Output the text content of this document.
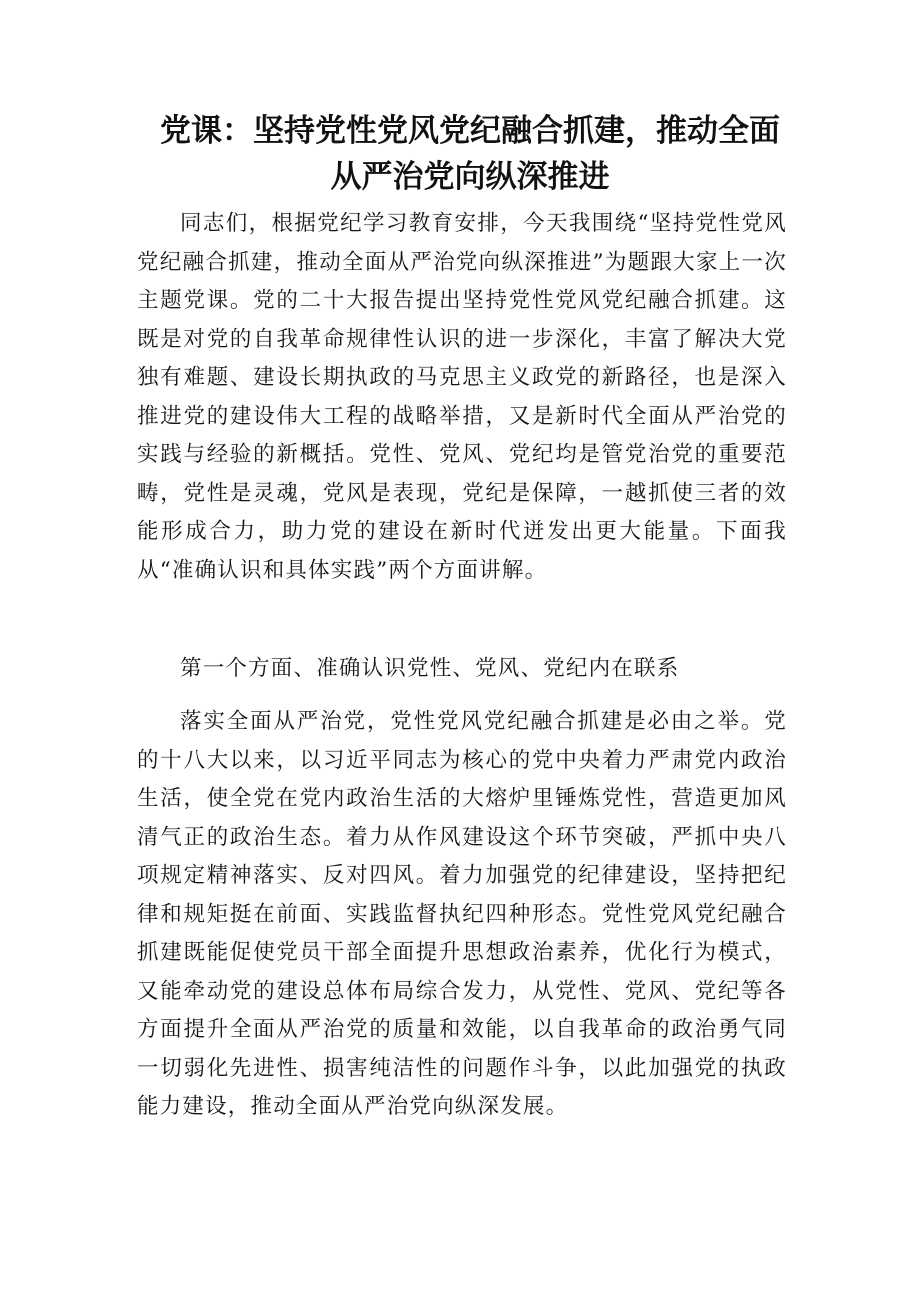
党课：坚持党性党风党纪融合抓建，推动全面
从严治党向纵深推进

同志们，根据党纪学习教育安排，今天我围绕“坚持党性党风党纪融合抓建，推动全面从严治党向纵深推进”为题跟大家上一次主题党课。党的二十大报告提出坚持党性党风党纪融合抓建。这既是对党的自我革命规律性认识的进一步深化，丰富了解决大党独有难题、建设长期执政的马克思主义政党的新路径，也是深入推进党的建设伟大工程的战略举措，又是新时代全面从严治党的实践与经验的新概括。党性、党风、党纪均是管党治党的重要范畴，党性是灵魂，党风是表现，党纪是保障，一越抓使三者的效能形成合力，助力党的建设在新时代迸发出更大能量。下面我从“准确认识和具体实践”两个方面讲解。

第一个方面、准确认识党性、党风、党纪内在联系

落实全面从严治党，党性党风党纪融合抓建是必由之举。党的十八大以来，以习近平同志为核心的党中央着力严肃党内政治生活，使全党在党内政治生活的大熔炉里锤炼党性，营造更加风清气正的政治生态。着力从作风建设这个环节突破，严抓中央八项规定精神落实、反对四风。着力加强党的纪律建设，坚持把纪律和规矩挺在前面、实践监督执纪四种形态。党性党风党纪融合抓建既能促使党员干部全面提升思想政治素养，优化行为模式，又能牵动党的建设总体布局综合发力，从党性、党风、党纪等各方面提升全面从严治党的质量和效能，以自我革命的政治勇气同一切弱化先进性、损害纯洁性的问题作斗争，以此加强党的执政能力建设，推动全面从严治党向纵深发展。
